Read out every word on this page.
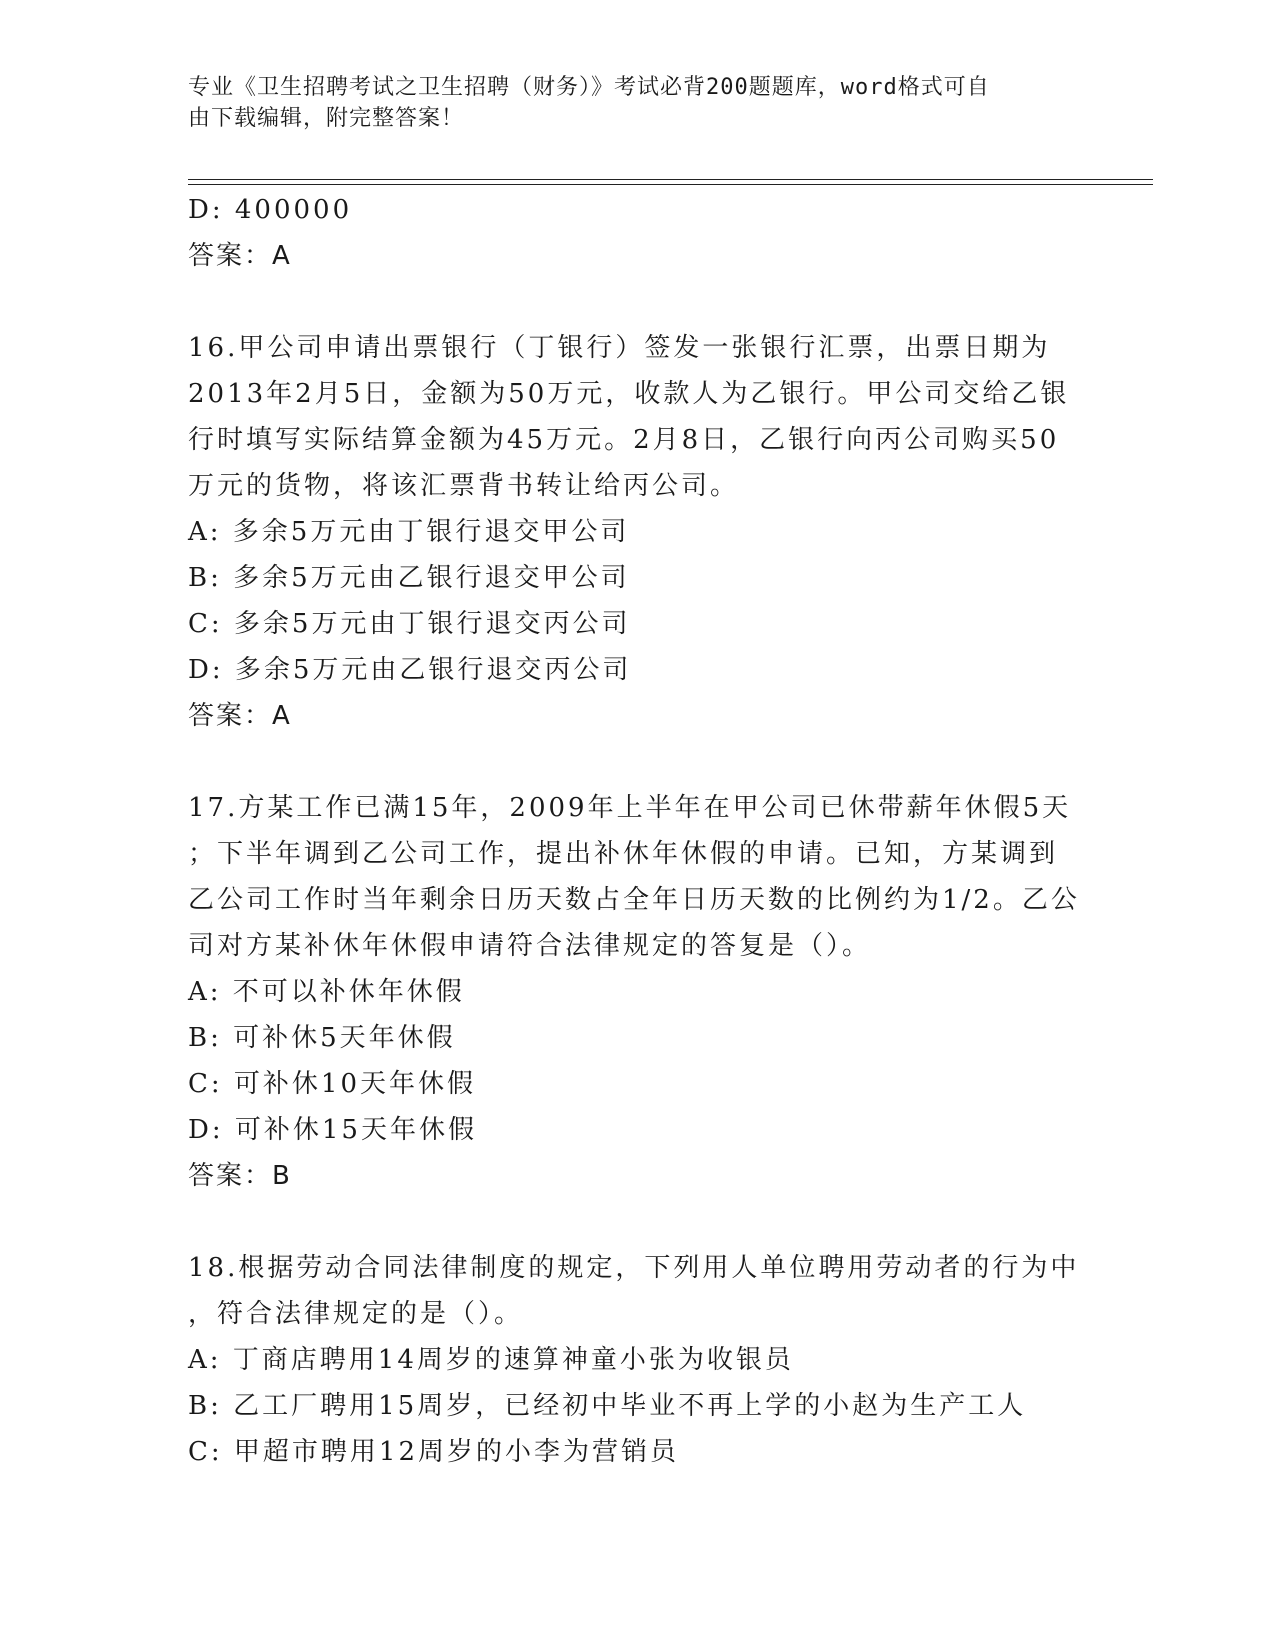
专业《卫生招聘考试之卫生招聘（财务）》考试必背200题题库，word格式可自
由下载编辑，附完整答案！
D: 400000
答案：A
16.甲公司申请出票银行（丁银行）签发一张银行汇票，出票日期为
2013年2月5日，金额为50万元，收款人为乙银行。甲公司交给乙银
行时填写实际结算金额为45万元。2月8日，乙银行向丙公司购买50
万元的货物，将该汇票背书转让给丙公司。
A: 多余5万元由丁银行退交甲公司
B: 多余5万元由乙银行退交甲公司
C: 多余5万元由丁银行退交丙公司
D: 多余5万元由乙银行退交丙公司
答案：A
17.方某工作已满15年，2009年上半年在甲公司已休带薪年休假5天
；下半年调到乙公司工作，提出补休年休假的申请。已知，方某调到
乙公司工作时当年剩余日历天数占全年日历天数的比例约为1/2。乙公
司对方某补休年休假申请符合法律规定的答复是（）。
A: 不可以补休年休假
B: 可补休5天年休假
C: 可补休10天年休假
D: 可补休15天年休假
答案：B
18.根据劳动合同法律制度的规定，下列用人单位聘用劳动者的行为中
，符合法律规定的是（）。
A: 丁商店聘用14周岁的速算神童小张为收银员
B: 乙工厂聘用15周岁，已经初中毕业不再上学的小赵为生产工人
C: 甲超市聘用12周岁的小李为营销员
